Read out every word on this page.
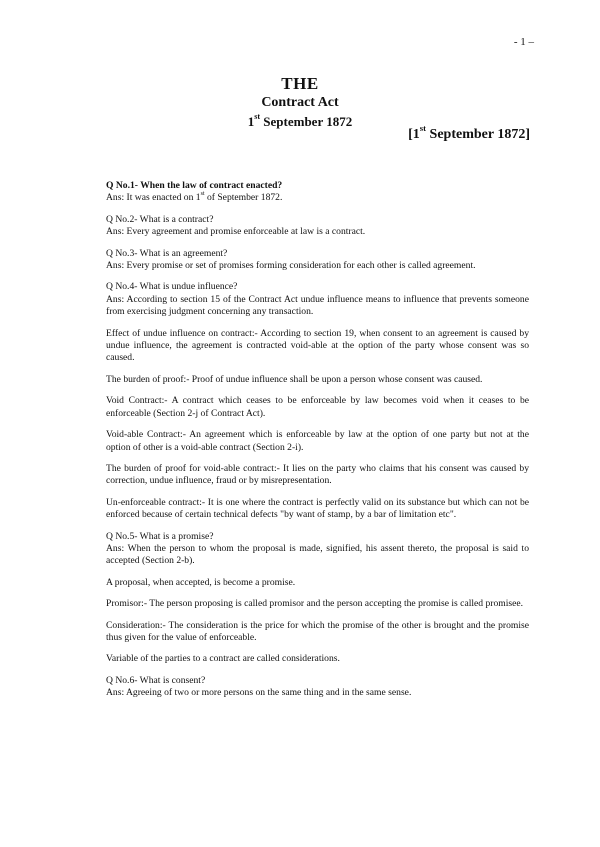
- 1 –
THE
Contract Act
1st September 1872
[1st September 1872]
Q No.1- When the law of contract enacted?
Ans: It was enacted on 1st of September 1872.
Q No.2- What is a contract?
Ans: Every agreement and promise enforceable at law is a contract.
Q No.3- What is an agreement?
Ans: Every promise or set of promises forming consideration for each other is called agreement.
Q No.4- What is undue influence?
Ans: According to section 15 of the Contract Act undue influence means to influence that prevents someone from exercising judgment concerning any transaction.
Effect of undue influence on contract:- According to section 19, when consent to an agreement is caused by undue influence, the agreement is contracted void-able at the option of the party whose consent was so caused.
The burden of proof:- Proof of undue influence shall be upon a person whose consent was caused.
Void Contract:- A contract which ceases to be enforceable by law becomes void when it ceases to be enforceable (Section 2-j of Contract Act).
Void-able Contract:- An agreement which is enforceable by law at the option of one party but not at the option of other is a void-able contract (Section 2-i).
The burden of proof for void-able contract:- It lies on the party who claims that his consent was caused by correction, undue influence, fraud or by misrepresentation.
Un-enforceable contract:- It is one where the contract is perfectly valid on its substance but which can not be enforced because of certain technical defects "by want of stamp, by a bar of limitation etc".
Q No.5- What is a promise?
Ans: When the person to whom the proposal is made, signified, his assent thereto, the proposal is said to accepted (Section 2-b).
A proposal, when accepted, is become a promise.
Promisor:- The person proposing is called promisor and the person accepting the promise is called promisee.
Consideration:- The consideration is the price for which the promise of the other is brought and the promise thus given for the value of enforceable.
Variable of the parties to a contract are called considerations.
Q No.6- What is consent?
Ans: Agreeing of two or more persons on the same thing and in the same sense.
